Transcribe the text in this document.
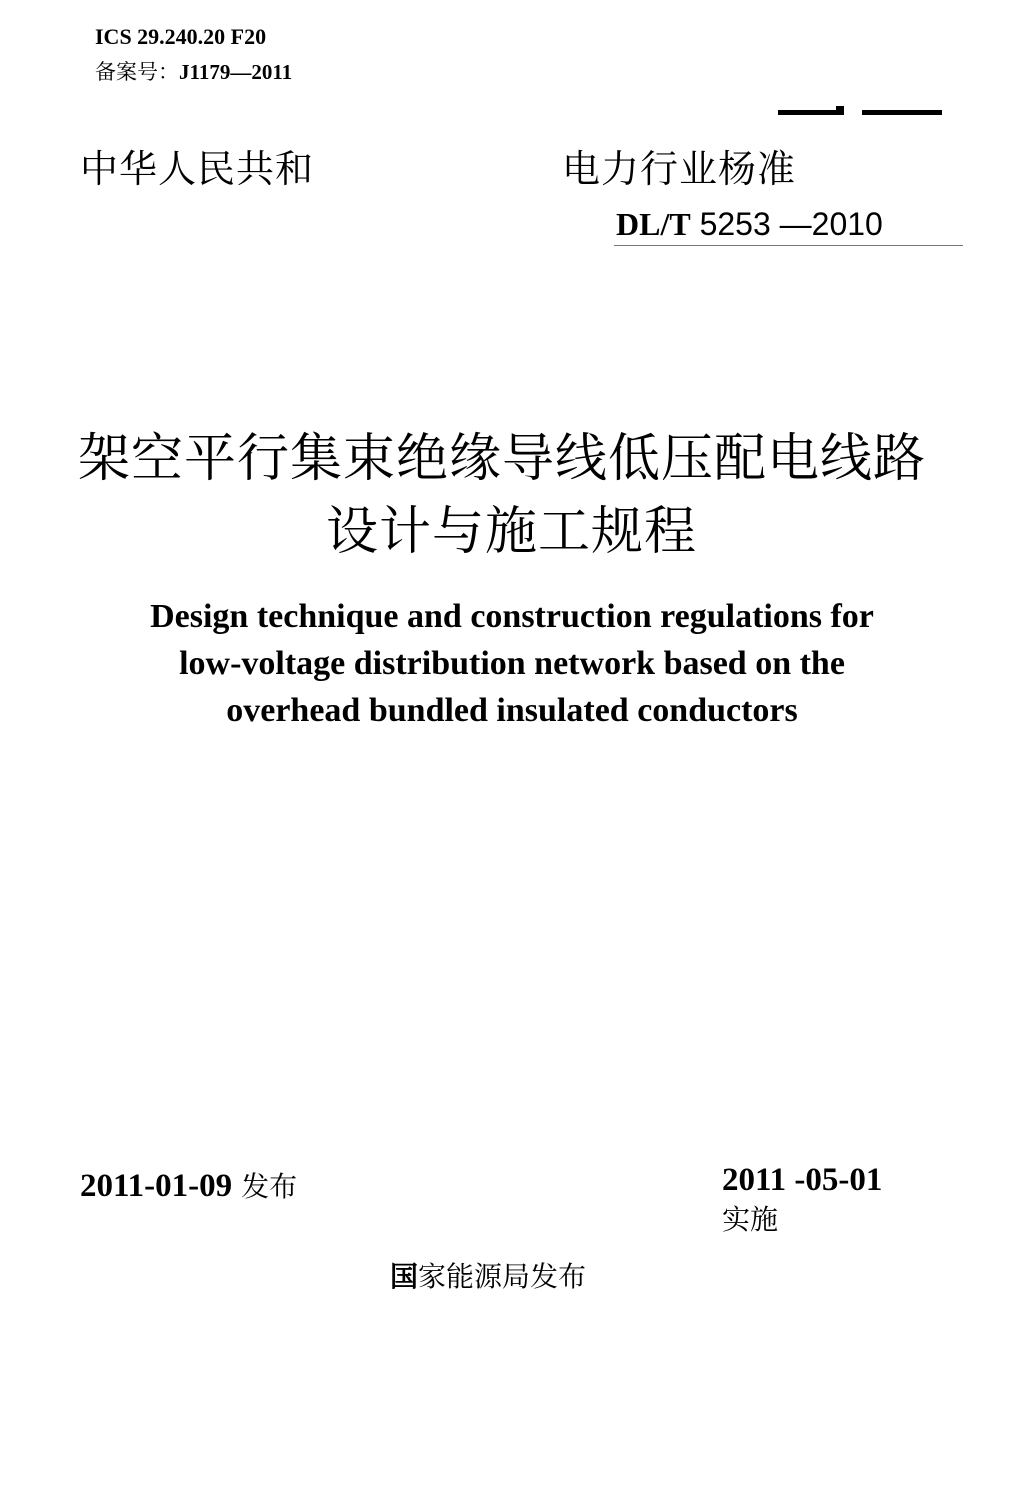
ICS 29.240.20 F20
备案号：J1179—2011
中华人民共和	电力行业杨准
DL/T 5253 —2010
架空平行集束绝缘导线低压配电线路
设计与施工规程
Design technique and construction regulations for
low-voltage distribution network based on the
overhead bundled insulated conductors
2011-01-09 发布	2011 -05-01
实施
国家能源局发布
